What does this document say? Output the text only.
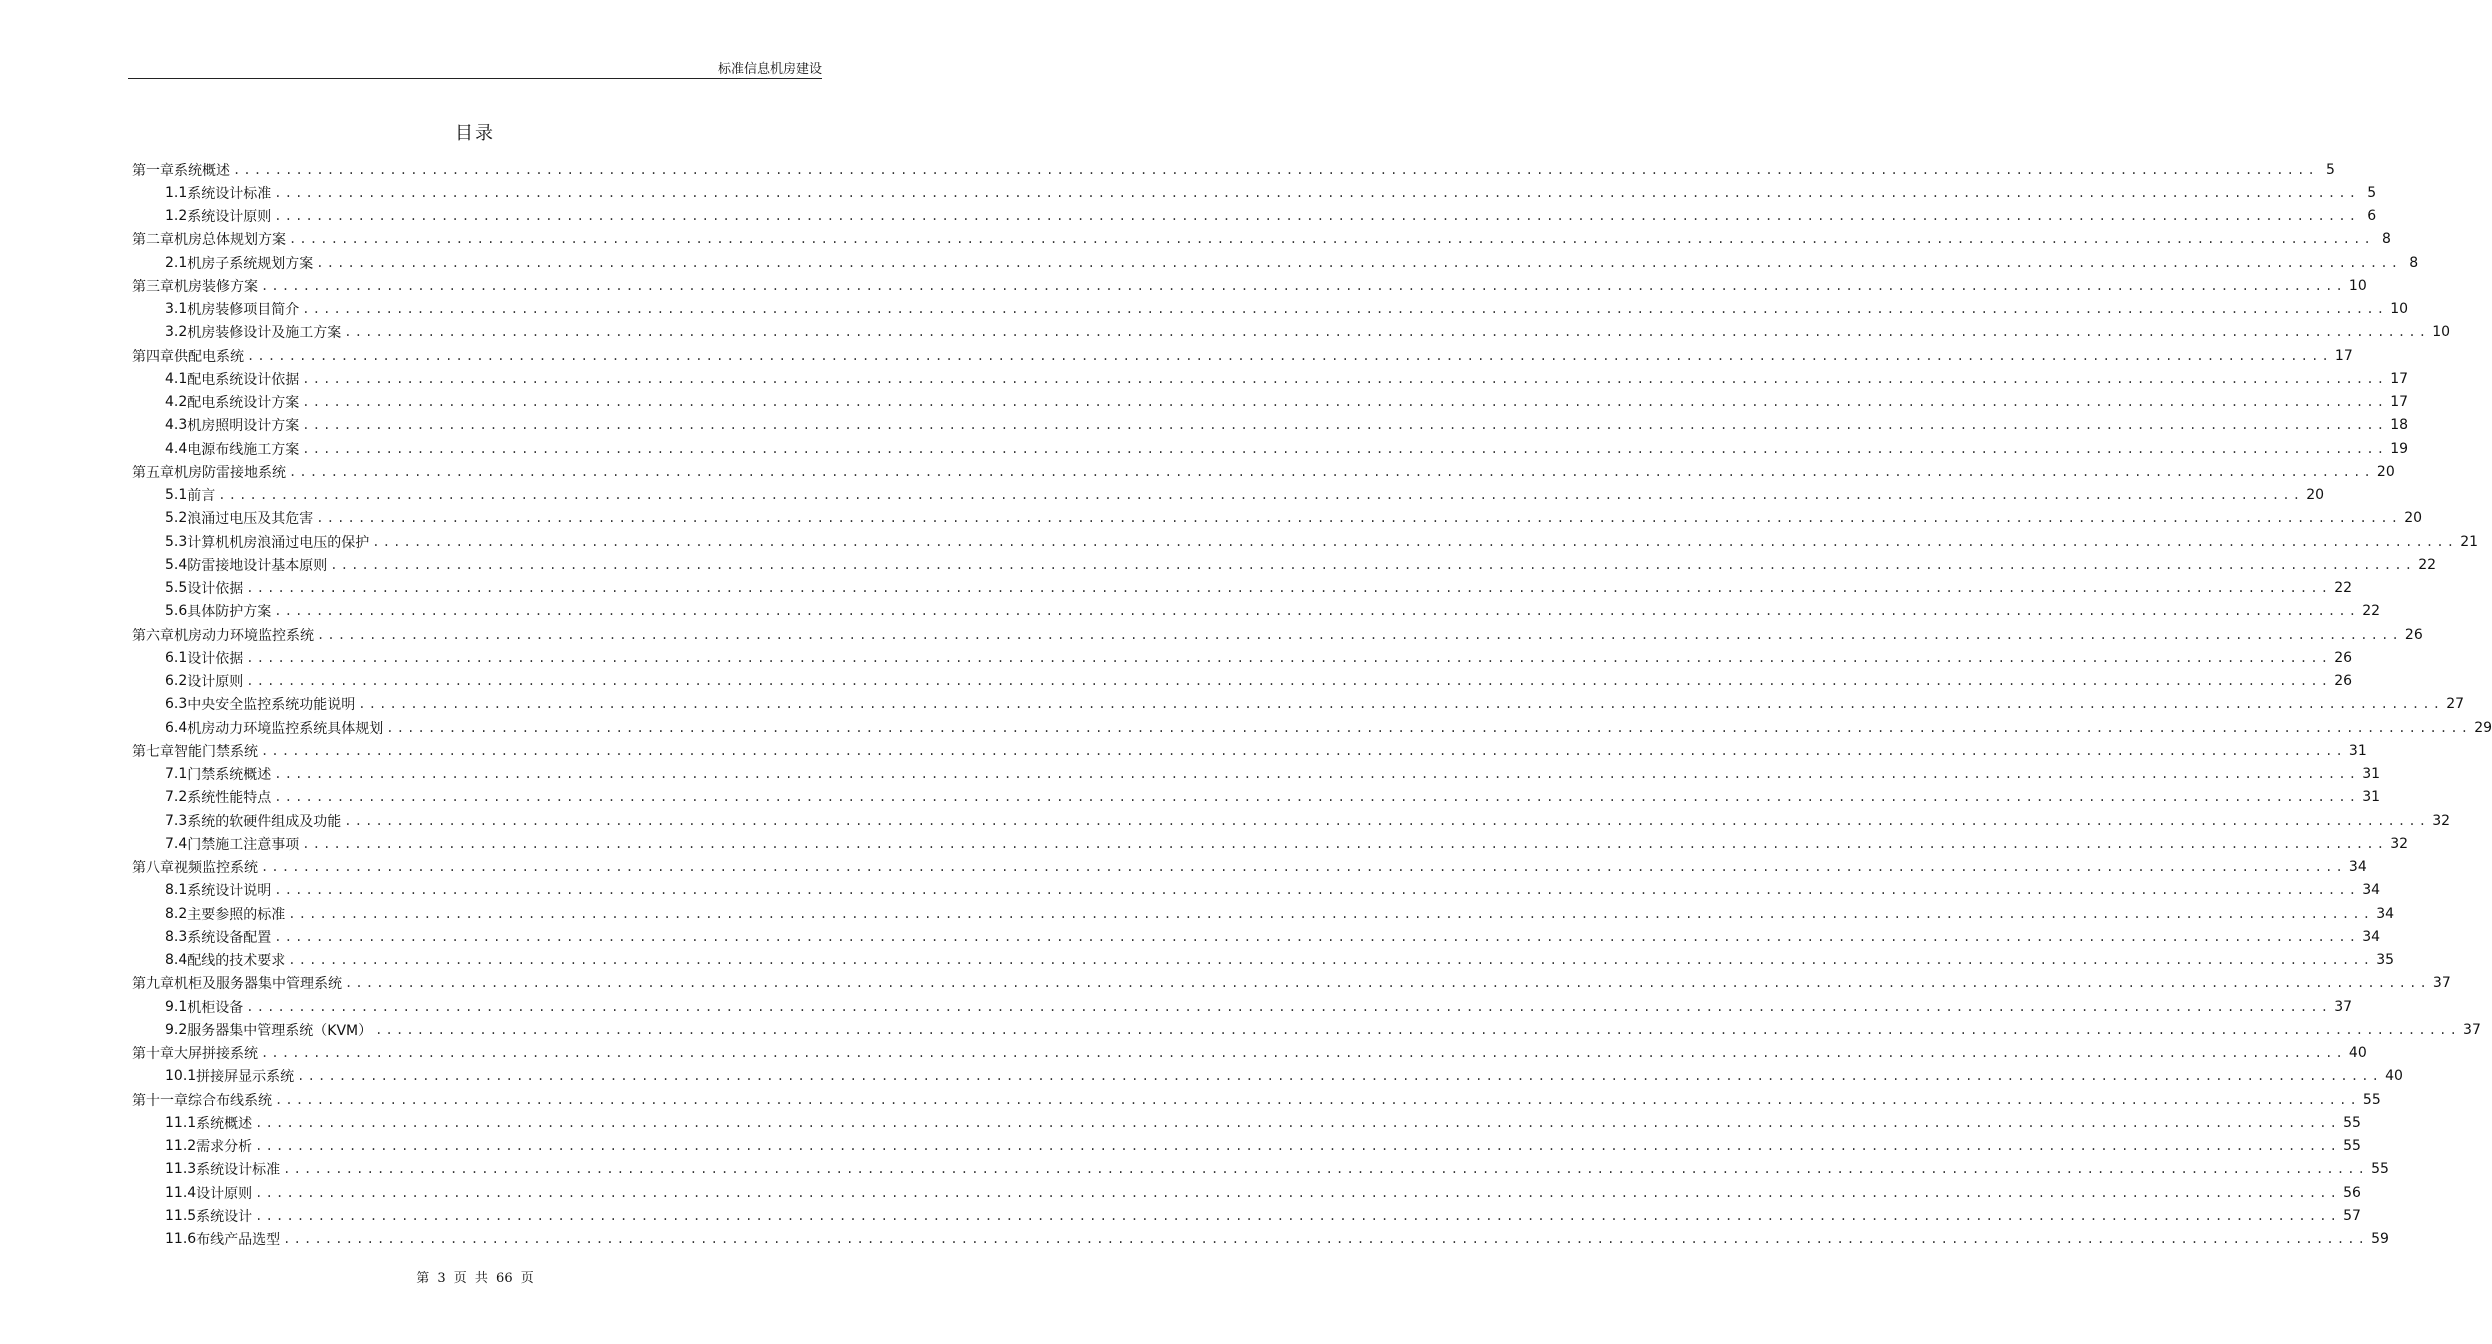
标准信息机房建设
目录
第一章 系统概述 ........................................................................................................................................................................................................ 5
1.1 系统设计标准 ........................................................................................................................................................................................................ 5
1.2 系统设计原则 ........................................................................................................................................................................................................ 6
第二章 机房总体规划方案 ........................................................................................................................................................................................................ 8
2.1 机房子系统规划方案 ........................................................................................................................................................................................................ 8
第三章 机房装修方案 ........................................................................................................................................................................................................ 10
3.1 机房装修项目简介 ........................................................................................................................................................................................................ 10
3.2 机房装修设计及施工方案 ........................................................................................................................................................................................................ 10
第四章 供配电系统 ........................................................................................................................................................................................................ 17
4.1 配电系统设计依据 ........................................................................................................................................................................................................ 17
4.2 配电系统设计方案 ........................................................................................................................................................................................................ 17
4.3 机房照明设计方案 ........................................................................................................................................................................................................ 18
4.4 电源布线施工方案 ........................................................................................................................................................................................................ 19
第五章 机房防雷接地系统 ........................................................................................................................................................................................................ 20
5.1 前言 ........................................................................................................................................................................................................ 20
5.2 浪涌过电压及其危害 ........................................................................................................................................................................................................ 20
5.3 计算机机房浪涌过电压的保护 ........................................................................................................................................................................................................ 21
5.4 防雷接地设计基本原则 ........................................................................................................................................................................................................ 22
5.5 设计依据 ........................................................................................................................................................................................................ 22
5.6 具体防护方案 ........................................................................................................................................................................................................ 22
第六章 机房动力环境监控系统 ........................................................................................................................................................................................................ 26
6.1 设计依据 ........................................................................................................................................................................................................ 26
6.2 设计原则 ........................................................................................................................................................................................................ 26
6.3 中央安全监控系统功能说明 ........................................................................................................................................................................................................ 27
6.4 机房动力环境监控系统具体规划 ........................................................................................................................................................................................................ 29
第七章 智能门禁系统 ........................................................................................................................................................................................................ 31
7.1 门禁系统概述 ........................................................................................................................................................................................................ 31
7.2 系统性能特点 ........................................................................................................................................................................................................ 31
7.3 系统的软硬件组成及功能 ........................................................................................................................................................................................................ 32
7.4 门禁施工注意事项 ........................................................................................................................................................................................................ 32
第八章 视频监控系统 ........................................................................................................................................................................................................ 34
8.1 系统设计说明 ........................................................................................................................................................................................................ 34
8.2 主要参照的标准 ........................................................................................................................................................................................................ 34
8.3 系统设备配置 ........................................................................................................................................................................................................ 34
8.4 配线的技术要求 ........................................................................................................................................................................................................ 35
第九章 机柜及服务器集中管理系统 ........................................................................................................................................................................................................ 37
9.1 机柜设备 ........................................................................................................................................................................................................ 37
9.2 服务器集中管理系统（KVM） ........................................................................................................................................................................................................ 37
第十章 大屏拼接系统 ........................................................................................................................................................................................................ 40
10.1 拼接屏显示系统 ........................................................................................................................................................................................................ 40
第十一章 综合布线系统 ........................................................................................................................................................................................................ 55
11.1 系统概述 ........................................................................................................................................................................................................ 55
11.2 需求分析 ........................................................................................................................................................................................................ 55
11.3 系统设计标准 ........................................................................................................................................................................................................ 55
11.4 设计原则 ........................................................................................................................................................................................................ 56
11.5 系统设计 ........................................................................................................................................................................................................ 57
11.6 布线产品选型 ........................................................................................................................................................................................................ 59
第 3 页 共 66 页
